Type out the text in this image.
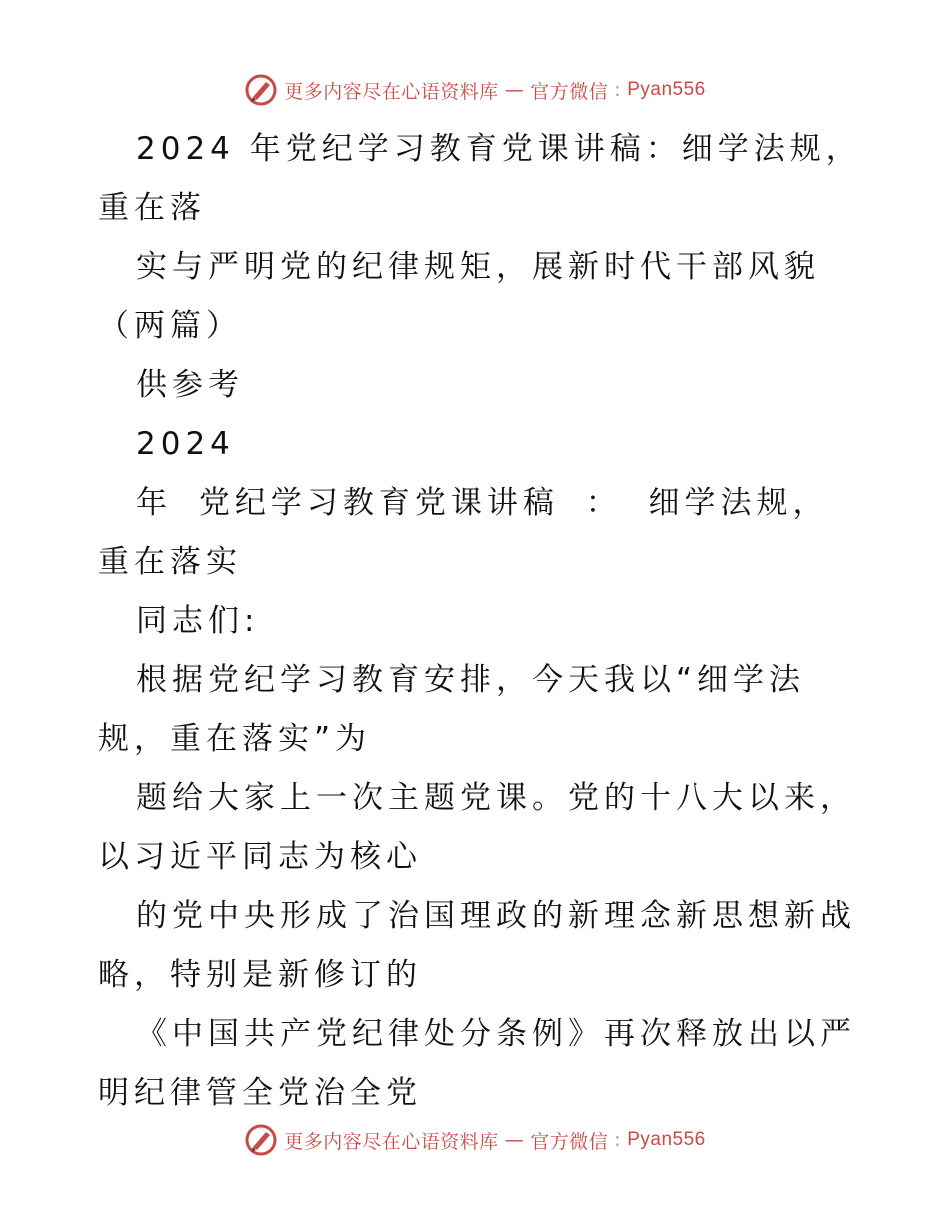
更多内容尽在心语资料库 — 官方微信 : Pyan556
2024 年党纪学习教育党课讲稿：细学法规，重在落
实与严明党的纪律规矩，展新时代干部风貌（两篇）
供参考
2024
年 党纪学习教育党课讲稿 ： 细学法规，重在落实
同志们:
根据党纪学习教育安排，今天我以“细学法规，重在落实”为
题给大家上一次主题党课。党的十八大以来，以习近平同志为核心
的党中央形成了治国理政的新理念新思想新战略，特别是新修订的
《中国共产党纪律处分条例》再次释放出以严明纪律管全党治全党
更多内容尽在心语资料库 — 官方微信 : Pyan556
